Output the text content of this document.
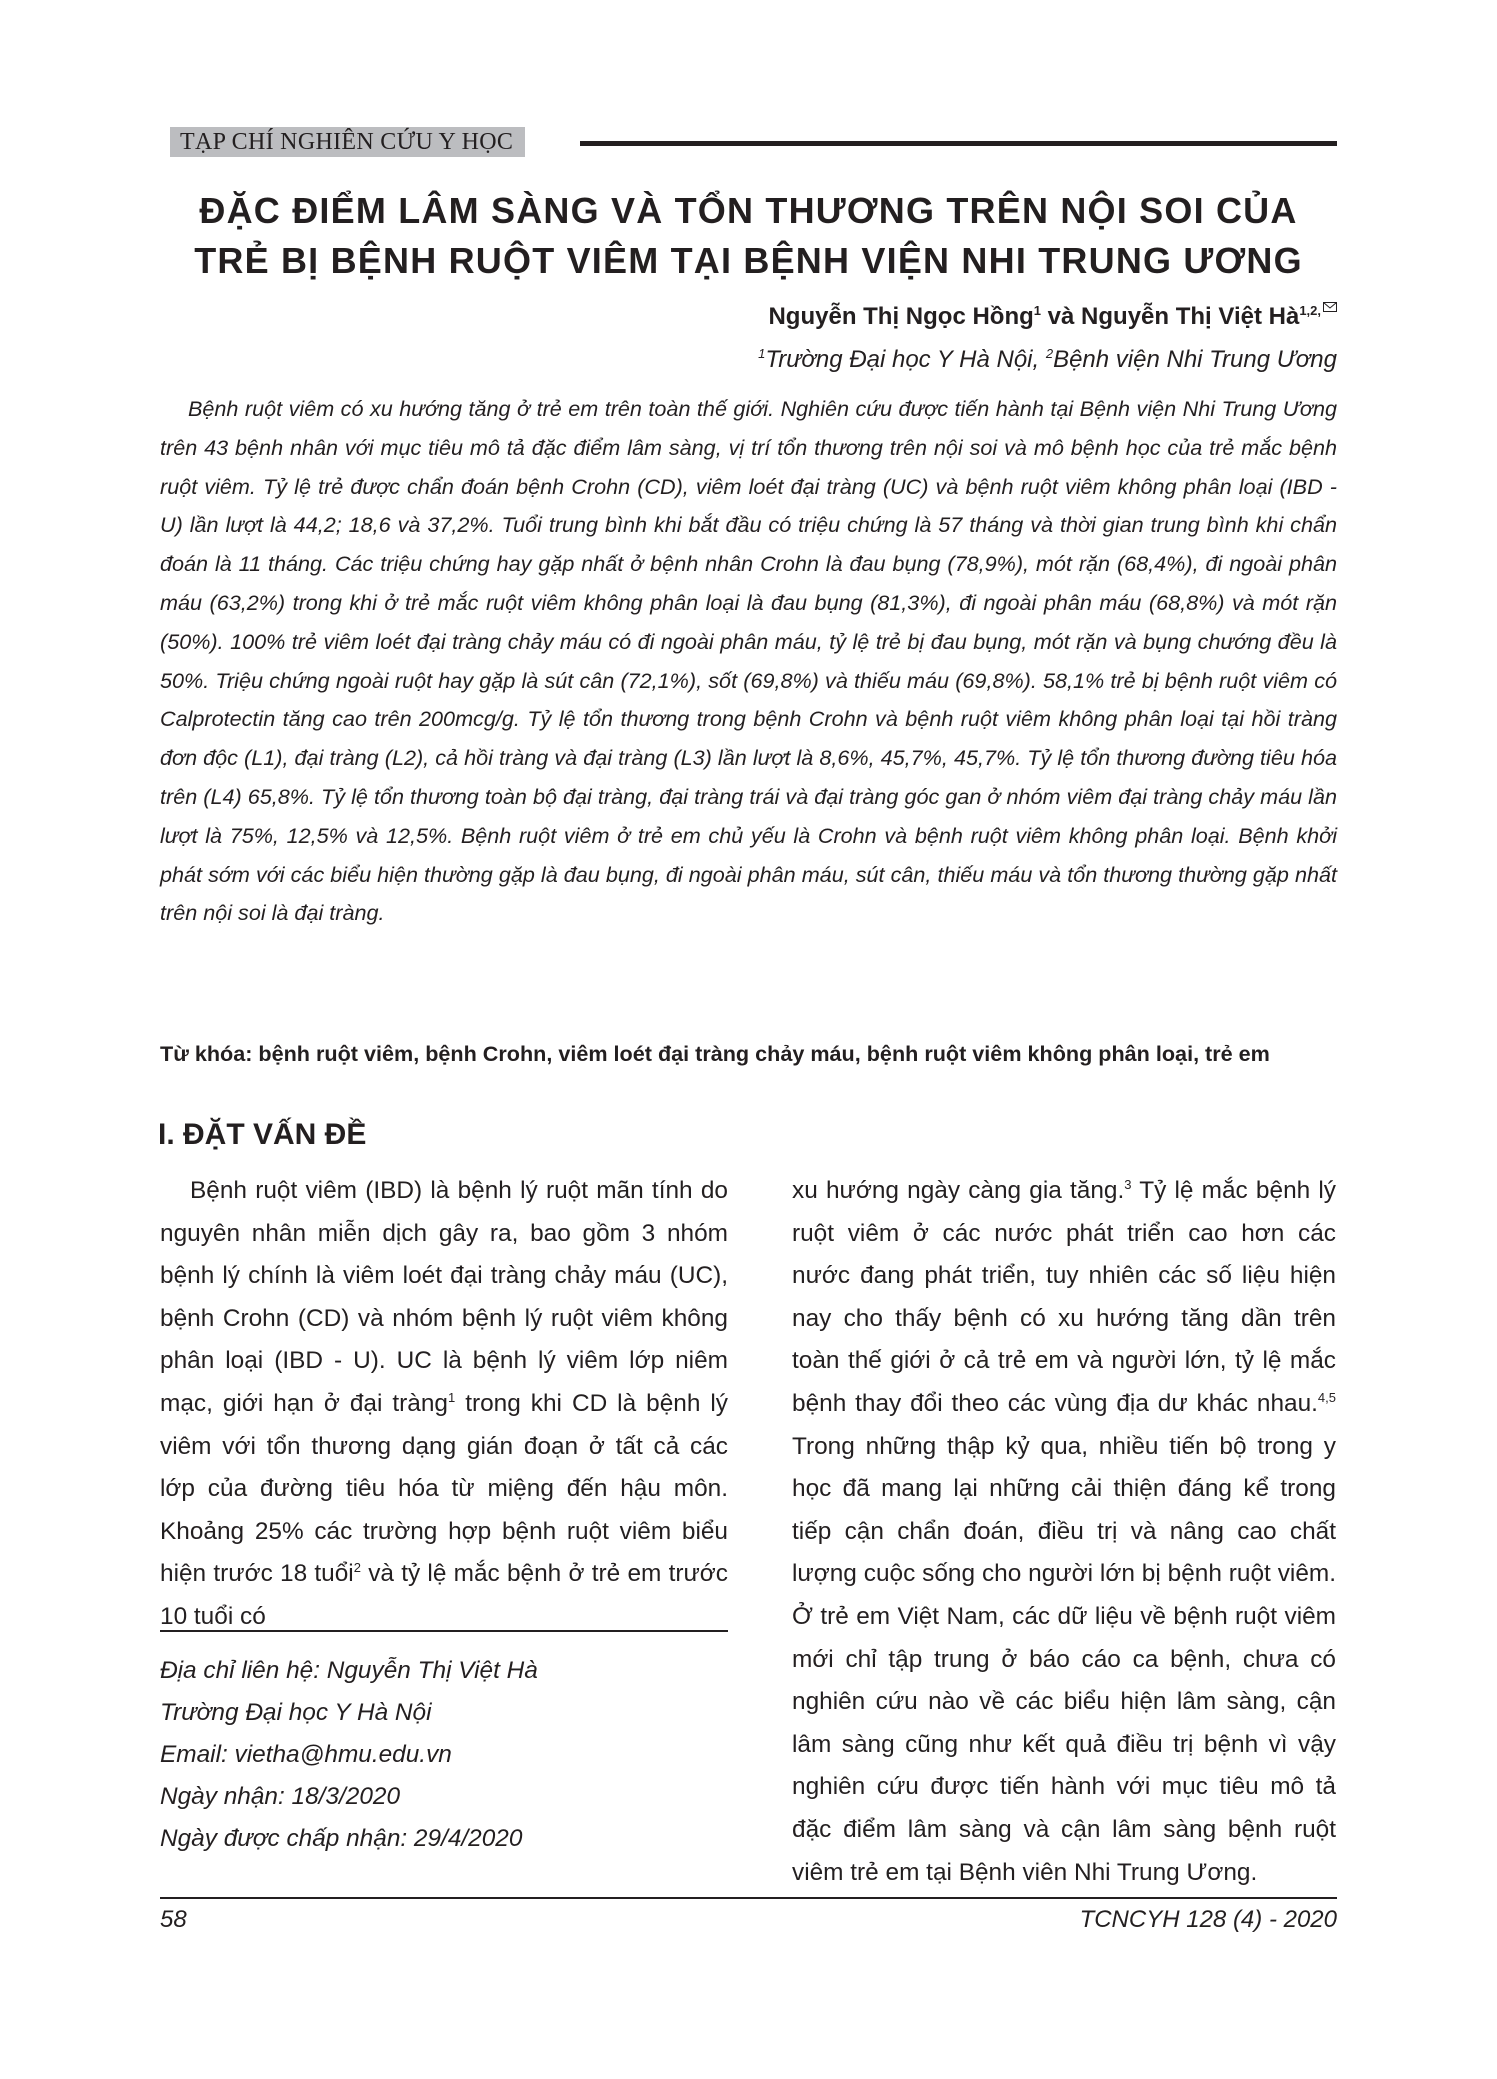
TẠP CHÍ NGHIÊN CỨU Y HỌC
ĐẶC ĐIỂM LÂM SÀNG VÀ TỔN THƯƠNG TRÊN NỘI SOI CỦA
TRẺ BỊ BỆNH RUỘT VIÊM TẠI BỆNH VIỆN NHI TRUNG ƯƠNG
Nguyễn Thị Ngọc Hồng$^1$ và Nguyễn Thị Việt $Hà^{1,2,}$
$^1$Trường Đại học Y Hà Nội, $^2$Bệnh viện Nhi Trung Ương

Bệnh ruột viêm có xu hướng tăng ở trẻ em trên toàn thế giới. Nghiên cứu được tiến hành tại Bệnh viện Nhi Trung Ương trên 43 bệnh nhân với mục tiêu mô tả đặc điểm lâm sàng, vị trí tổn thương trên nội soi và mô bệnh học của trẻ mắc bệnh ruột viêm. Tỷ lệ trẻ được chẩn đoán bệnh Crohn (CD), viêm loét đại tràng (UC) và bệnh ruột viêm không phân loại (IBD - U) lần lượt là 44,2; 18,6 và 37,2%. Tuổi trung bình khi bắt đầu có triệu chứng là 57 tháng và thời gian trung bình khi chẩn đoán là 11 tháng. Các triệu chứng hay gặp nhất ở bệnh nhân Crohn là đau bụng (78,9%), mót rặn (68,4%), đi ngoài phân máu (63,2%) trong khi ở trẻ mắc ruột viêm không phân loại là đau bụng (81,3%), đi ngoài phân máu (68,8%) và mót rặn (50%). 100% trẻ viêm loét đại tràng chảy máu có đi ngoài phân máu, tỷ lệ trẻ bị đau bụng, mót rặn và bụng chướng đều là 50%. Triệu chứng ngoài ruột hay gặp là sút cân (72,1%), sốt (69,8%) và thiếu máu (69,8%). 58,1% trẻ bị bệnh ruột viêm có Calprotectin tăng cao trên 200mcg/g. Tỷ lệ tổn thương trong bệnh Crohn và bệnh ruột viêm không phân loại tại hồi tràng đơn độc (L1), đại tràng (L2), cả hồi tràng và đại tràng (L3) lần lượt là 8,6%, 45,7%, 45,7%. Tỷ lệ tổn thương đường tiêu hóa trên (L4) 65,8%. Tỷ lệ tổn thương toàn bộ đại tràng, đại tràng trái và đại tràng góc gan ở nhóm viêm đại tràng chảy máu lần lượt là 75%, 12,5% và 12,5%. Bệnh ruột viêm ở trẻ em chủ yếu là Crohn và bệnh ruột viêm không phân loại. Bệnh khởi phát sớm với các biểu hiện thường gặp là đau bụng, đi ngoài phân máu, sút cân, thiếu máu và tổn thương thường gặp nhất trên nội soi là đại tràng.

Từ khóa: bệnh ruột viêm, bệnh Crohn, viêm loét đại tràng chảy máu, bệnh ruột viêm không phân loại, trẻ em

I. ĐẶT VẤN ĐỀ

Bệnh ruột viêm (IBD) là bệnh lý ruột mãn tính do nguyên nhân miễn dịch gây ra, bao gồm 3 nhóm bệnh lý chính là viêm loét đại tràng chảy máu (UC), bệnh Crohn (CD) và nhóm bệnh lý ruột viêm không phân loại (IBD - U). UC là bệnh lý viêm lớp niêm mạc, giới hạn ở đại tràng$^1$ trong khi CD là bệnh lý viêm với tổn thương dạng gián đoạn ở tất cả các lớp của đường tiêu hóa từ miệng đến hậu môn. Khoảng 25% các trường hợp bệnh ruột viêm biểu hiện trước 18 tuổi$^2$ và tỷ lệ mắc bệnh ở trẻ em trước 10 tuổi có

Địa chỉ liên hệ: Nguyễn Thị Việt Hà
Trường Đại học Y Hà Nội
Email: vietha@hmu.edu.vn
Ngày nhận: 18/3/2020
Ngày được chấp nhận: 29/4/2020

xu hướng ngày càng gia tăng.$^3$ Tỷ lệ mắc bệnh lý ruột viêm ở các nước phát triển cao hơn các nước đang phát triển, tuy nhiên các số liệu hiện nay cho thấy bệnh có xu hướng tăng dần trên toàn thế giới ở cả trẻ em và người lớn, tỷ lệ mắc bệnh thay đổi theo các vùng địa dư khác nhau.$^{4,5}$ Trong những thập kỷ qua, nhiều tiến bộ trong y học đã mang lại những cải thiện đáng kể trong tiếp cận chẩn đoán, điều trị và nâng cao chất lượng cuộc sống cho người lớn bị bệnh ruột viêm. Ở trẻ em Việt Nam, các dữ liệu về bệnh ruột viêm mới chỉ tập trung ở báo cáo ca bệnh, chưa có nghiên cứu nào về các biểu hiện lâm sàng, cận lâm sàng cũng như kết quả điều trị bệnh vì vậy nghiên cứu được tiến hành với mục tiêu mô tả đặc điểm lâm sàng và cận lâm sàng bệnh ruột viêm trẻ em tại Bệnh viên Nhi Trung Ương.

58	TCNCYH 128 (4) - 2020
